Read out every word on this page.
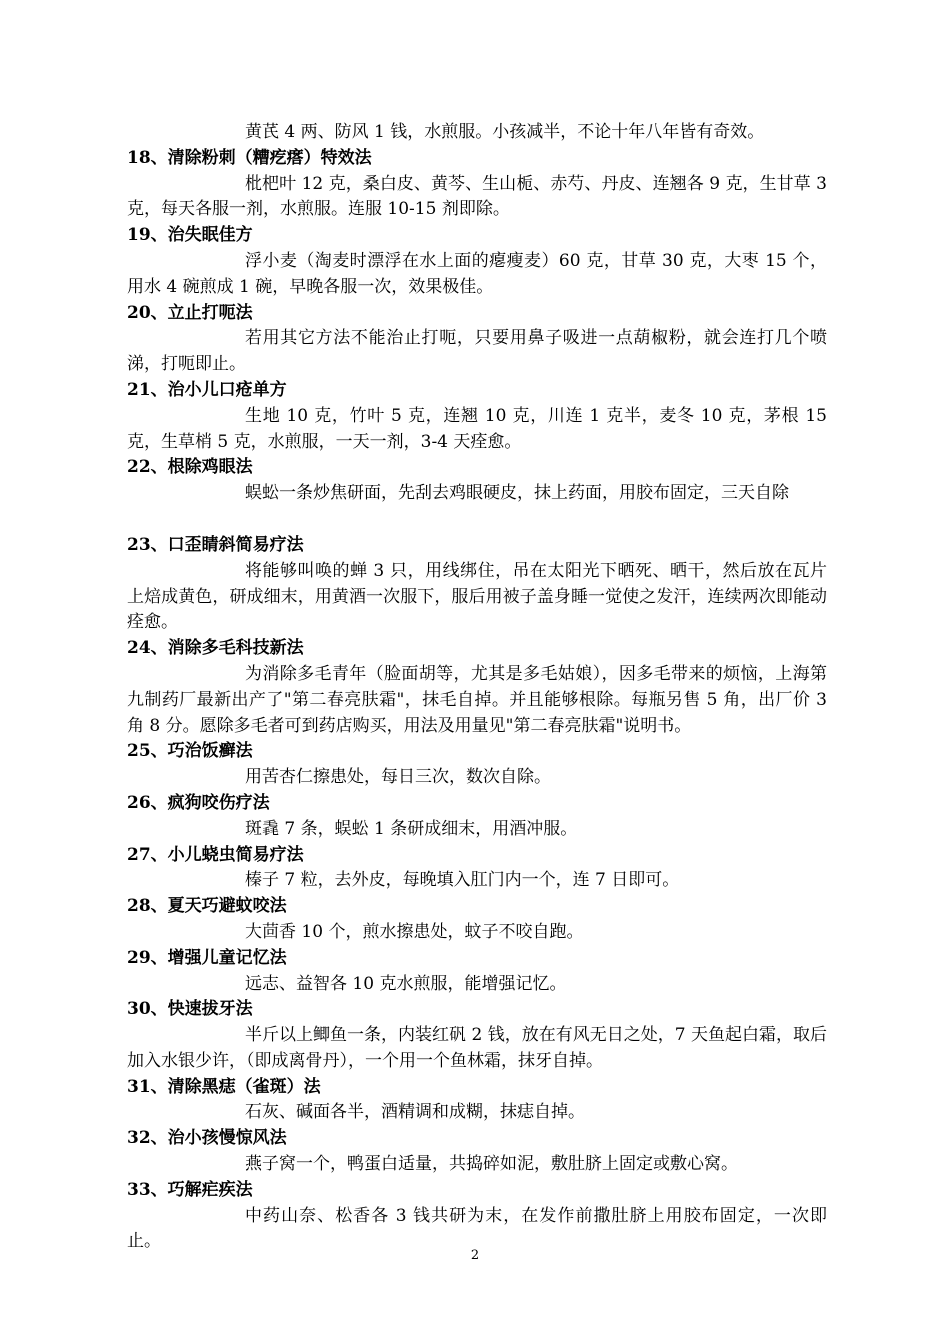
黄芪 4 两、防风 1 钱，水煎服。小孩减半，不论十年八年皆有奇效。
18、清除粉刺（糟疙瘩）特效法
枇杷叶 12 克，桑白皮、黄芩、生山栀、赤芍、丹皮、连翘各 9 克，生甘草 3 克，每天各服一剂，水煎服。连服 10-15 剂即除。
19、治失眠佳方
浮小麦（淘麦时漂浮在水上面的瘪瘦麦）60 克，甘草 30 克，大枣 15 个，用水 4 碗煎成 1 碗，早晚各服一次，效果极佳。
20、立止打呃法
若用其它方法不能治止打呃，只要用鼻子吸进一点葫椒粉，就会连打几个喷涕，打呃即止。
21、治小儿口疮单方
生地 10 克，竹叶 5 克，连翘 10 克，川连 1 克半，麦冬 10 克，茅根 15 克，生草梢 5 克，水煎服，一天一剂，3-4 天痊愈。
22、根除鸡眼法
蜈蚣一条炒焦研面，先刮去鸡眼硬皮，抹上药面，用胶布固定，三天自除
23、口歪睛斜简易疗法
将能够叫唤的蝉 3 只，用线绑住，吊在太阳光下晒死、晒干，然后放在瓦片上焙成黄色，研成细末，用黄酒一次服下，服后用被子盖身睡一觉使之发汗，连续两次即能动痊愈。
24、消除多毛科技新法
为消除多毛青年（脸面胡等，尤其是多毛姑娘），因多毛带来的烦恼，上海第九制药厂最新出产了"第二春亮肤霜"，抹毛自掉。并且能够根除。每瓶另售 5 角，出厂价 3 角 8 分。愿除多毛者可到药店购买，用法及用量见"第二春亮肤霜"说明书。
25、巧治饭癣法
用苦杏仁擦患处，每日三次，数次自除。
26、疯狗咬伤疗法
斑毳 7 条，蜈蚣 1 条研成细末，用酒冲服。
27、小儿蛲虫简易疗法
榛子 7 粒，去外皮，每晚填入肛门内一个，连 7 日即可。
28、夏天巧避蚊咬法
大茴香 10 个，煎水擦患处，蚊子不咬自跑。
29、增强儿童记忆法
远志、益智各 10 克水煎服，能增强记忆。
30、快速拔牙法
半斤以上鲫鱼一条，内装红矾 2 钱，放在有风无日之处，7 天鱼起白霜，取后加入水银少许，（即成离骨丹），一个用一个鱼林霜，抹牙自掉。
31、清除黑痣（雀斑）法
石灰、碱面各半，酒精调和成糊，抹痣自掉。
32、治小孩慢惊风法
燕子窝一个，鸭蛋白适量，共捣碎如泥，敷肚脐上固定或敷心窝。
33、巧解疟疾法
中药山奈、松香各 3 钱共研为末，在发作前撒肚脐上用胶布固定，一次即止。
2
